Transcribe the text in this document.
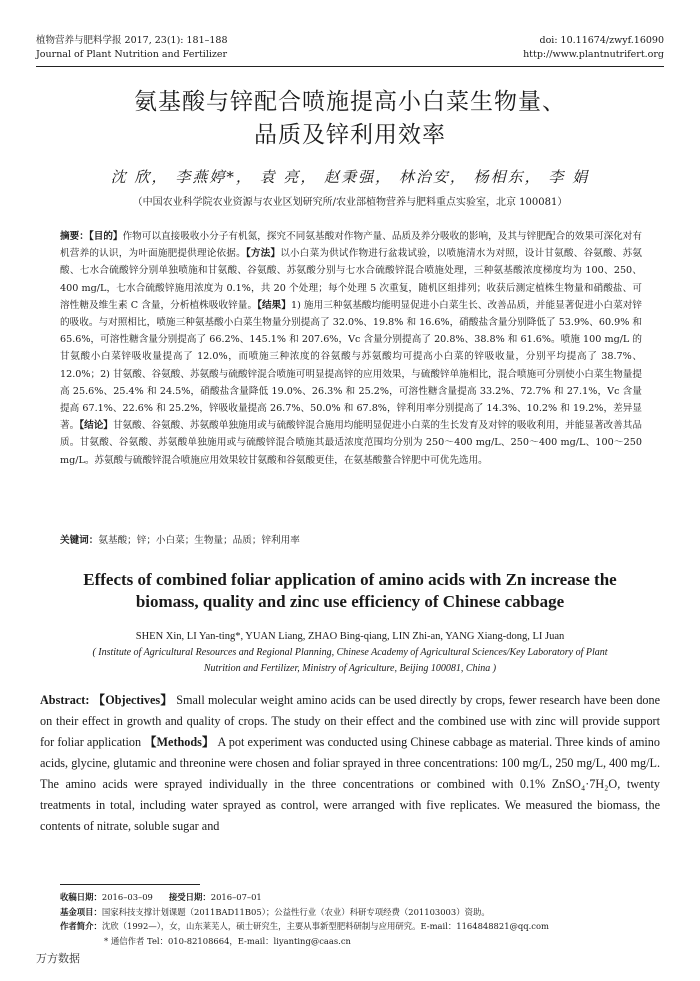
植物营养与肥料学报 2017, 23(1): 181–188
Journal of Plant Nutrition and Fertilizer
doi: 10.11674/zwyf.16090
http://www.plantnutrifert.org
氨基酸与锌配合喷施提高小白菜生物量、
品质及锌利用效率
沈 欣， 李燕婷*， 袁 亮， 赵秉强， 林治安， 杨相东， 李 娟
（中国农业科学院农业资源与农业区划研究所/农业部植物营养与肥料重点实验室，北京 100081）
摘要：【目的】作物可以直接吸收小分子有机氮，探究不同氨基酸对作物产量、品质及养分吸收的影响，及其与锌肥配合的效果可深化对有机营养的认识，为叶面施肥提供理论依据。【方法】以小白菜为供试作物进行盆栽试验，以喷施清水为对照，设计甘氨酸、谷氨酸、苏氨酸、七水合硫酸锌分别单独喷施和甘氨酸、谷氨酸、苏氨酸分别与七水合硫酸锌混合喷施处理，三种氨基酸浓度梯度均为 100、250、400 mg/L，七水合硫酸锌施用浓度为 0.1%，共 20 个处理；每个处理 5 次重复，随机区组排列；收获后测定植株生物量和硝酸盐、可溶性糖及维生素 C 含量，分析植株吸收锌量。【结果】1) 施用三种氨基酸均能明显促进小白菜生长、改善品质，并能显著促进小白菜对锌的吸收。与对照相比，喷施三种氨基酸小白菜生物量分别提高了 32.0%、19.8% 和 16.6%，硝酸盐含量分别降低了 53.9%、60.9% 和 65.6%，可溶性糖含量分别提高了 66.2%、145.1% 和 207.6%，Vc 含量分别提高了 20.8%、38.8% 和 61.6%。喷施 100 mg/L 的甘氨酸小白菜锌吸收量提高了 12.0%，而喷施三种浓度的谷氨酸与苏氨酸均可提高小白菜的锌吸收量，分别平均提高了 38.7%、12.0%；2) 甘氨酸、谷氨酸、苏氨酸与硫酸锌混合喷施可明显提高锌的应用效果，与硫酸锌单施相比，混合喷施可分别使小白菜生物量提高 25.6%、25.4% 和 24.5%，硝酸盐含量降低 19.0%、26.3% 和 25.2%，可溶性糖含量提高 33.2%、72.7% 和 27.1%，Vc 含量提高 67.1%、22.6% 和 25.2%，锌吸收量提高 26.7%、50.0% 和 67.8%，锌利用率分别提高了 14.3%、10.2% 和 19.2%，差异显著。【结论】甘氨酸、谷氨酸、苏氨酸单独施用或与硫酸锌混合施用均能明显促进小白菜的生长发育及对锌的吸收利用，并能显著改善其品质。甘氨酸、谷氨酸、苏氨酸单独施用或与硫酸锌混合喷施其最适浓度范围均分别为 250～400 mg/L、250～400 mg/L、100～250 mg/L。苏氨酸与硫酸锌混合喷施应用效果较甘氨酸和谷氨酸更佳，在氨基酸螯合锌肥中可优先选用。
关键词：氨基酸；锌；小白菜；生物量；品质；锌利用率
Effects of combined foliar application of amino acids with Zn increase the
biomass, quality and zinc use efficiency of Chinese cabbage
SHEN Xin, LI Yan-ting*, YUAN Liang, ZHAO Bing-qiang, LIN Zhi-an, YANG Xiang-dong, LI Juan
( Institute of Agricultural Resources and Regional Planning, Chinese Academy of Agricultural Sciences/Key Laboratory of Plant Nutrition and Fertilizer, Ministry of Agriculture, Beijing 100081, China )
Abstract: 【Objectives】 Small molecular weight amino acids can be used directly by crops, fewer research have been done on their effect in growth and quality of crops. The study on their effect and the combined use with zinc will provide support for foliar application 【Methods】 A pot experiment was conducted using Chinese cabbage as material. Three kinds of amino acids, glycine, glutamic and threonine were chosen and foliar sprayed in three concentrations: 100 mg/L, 250 mg/L, 400 mg/L. The amino acids were sprayed individually in the three concentrations or combined with 0.1% ZnSO₄·7H₂O, twenty treatments in total, including water sprayed as control, were arranged with five replicates. We measured the biomass, the contents of nitrate, soluble sugar and
收稿日期：2016–03–09 接受日期：2016–07–01
基金项目：国家科技支撑计划课题（2011BAD11B05）；公益性行业（农业）科研专项经费（201103003）资助。
作者简介：沈欣（1992—），女，山东莱芜人，硕士研究生，主要从事新型肥料研制与应用研究。E-mail：1164848821@qq.com
* 通信作者 Tel：010-82108664，E-mail：liyanting@caas.cn
万方数据
